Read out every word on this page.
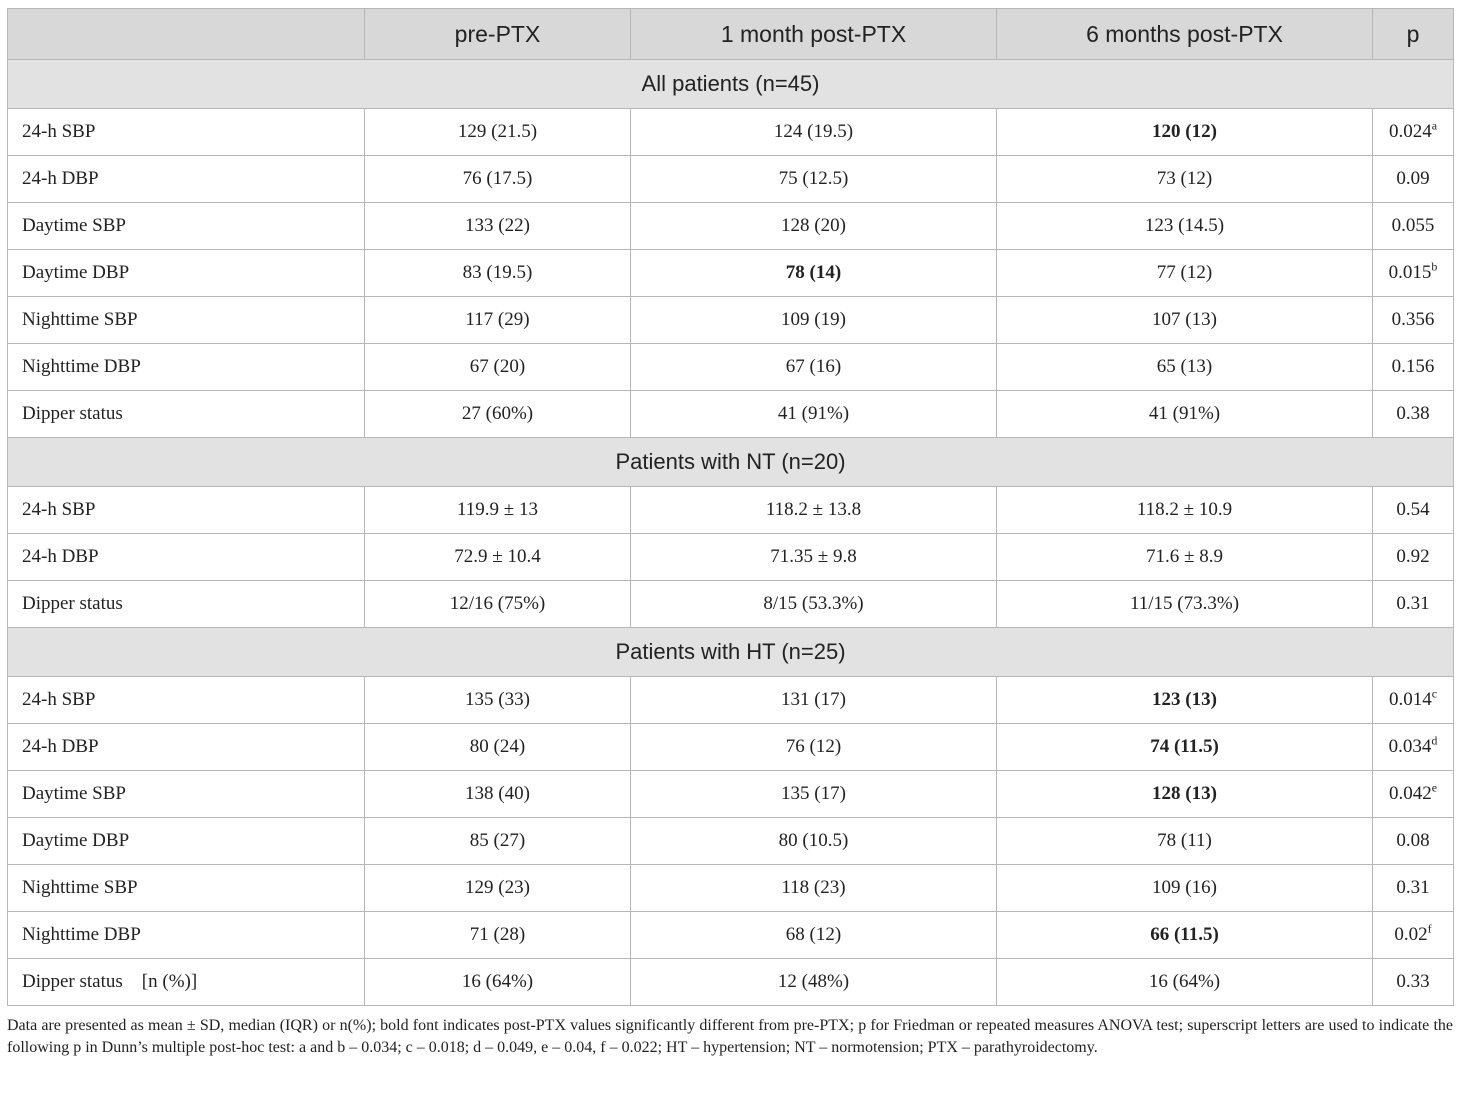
	pre-PTX	1 month post-PTX	6 months post-PTX	p
All patients (n=45)				
24-h SBP	129 (21.5)	124 (19.5)	120 (12)	0.024$^a$
24-h DBP	76 (17.5)	75 (12.5)	73 (12)	0.09
Daytime SBP	133 (22)	128 (20)	123 (14.5)	0.055
Daytime DBP	83 (19.5)	78 (14)	77 (12)	0.015$^b$
Nighttime SBP	117 (29)	109 (19)	107 (13)	0.356
Nighttime DBP	67 (20)	67 (16)	65 (13)	0.156
Dipper status	27 (60%)	41 (91%)	41 (91%)	0.38
Patients with NT (n=20)				
24-h SBP	119.9 ± 13	118.2 ± 13.8	118.2 ± 10.9	0.54
24-h DBP	72.9 ± 10.4	71.35 ± 9.8	71.6 ± 8.9	0.92
Dipper status	12/16 (75%)	8/15 (53.3%)	11/15 (73.3%)	0.31
Patients with HT (n=25)				
24-h SBP	135 (33)	131 (17)	123 (13)	0.014$^c$
24-h DBP	80 (24)	76 (12)	74 (11.5)	0.034$^d$
Daytime SBP	138 (40)	135 (17)	128 (13)	0.042e
Daytime DBP	85 (27)	80 (10.5)	78 (11)	0.08
Nighttime SBP	129 (23)	118 (23)	109 (16)	0.31
Nighttime DBP	71 (28)	68 (12)	66 (11.5)	0.02$^f$
Dipper status    [n (%)]	16 (64%)	12 (48%)	16 (64%)	0.33
Data are presented as mean ± SD, median (IQR) or n(%); bold font indicates post-PTX values significantly different from pre-PTX; p for Friedman or repeated measures ANOVA test; superscript letters are used to indicate the following p in Dunn’s multiple post-hoc test: a and b – 0.034; c – 0.018; d – 0.049, e – 0.04, f – 0.022; HT – hypertension; NT – normotension; PTX – parathyroidectomy.
